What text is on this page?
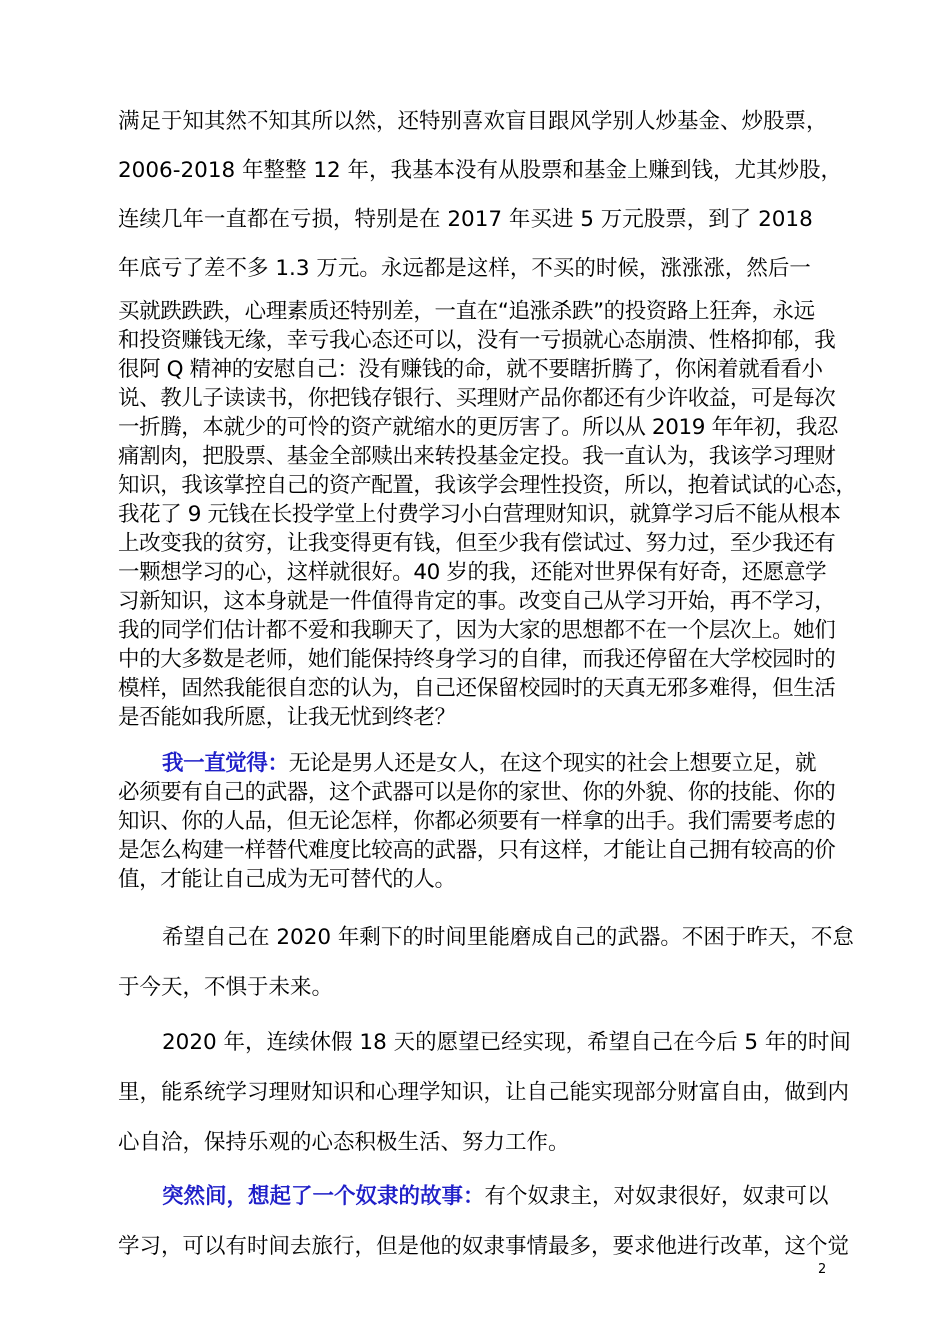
满足于知其然不知其所以然，还特别喜欢盲目跟风学别人炒基金、炒股票，
2006-2018 年整整 12 年，我基本没有从股票和基金上赚到钱，尤其炒股，
连续几年一直都在亏损，特别是在 2017 年买进 5 万元股票，到了 2018
年底亏了差不多 1.3 万元。永远都是这样，不买的时候，涨涨涨，然后一
买就跌跌跌，心理素质还特别差，一直在“追涨杀跌”的投资路上狂奔，永远
和投资赚钱无缘，幸亏我心态还可以，没有一亏损就心态崩溃、性格抑郁，我
很阿 Q 精神的安慰自己：没有赚钱的命，就不要瞎折腾了，你闲着就看看小
说、教儿子读读书，你把钱存银行、买理财产品你都还有少许收益，可是每次
一折腾，本就少的可怜的资产就缩水的更厉害了。所以从 2019 年年初，我忍
痛割肉，把股票、基金全部赎出来转投基金定投。我一直认为，我该学习理财
知识，我该掌控自己的资产配置，我该学会理性投资，所以，抱着试试的心态，
我花了 9 元钱在长投学堂上付费学习小白营理财知识，就算学习后不能从根本
上改变我的贫穷，让我变得更有钱，但至少我有偿试过、努力过，至少我还有
一颗想学习的心，这样就很好。40 岁的我，还能对世界保有好奇，还愿意学
习新知识，这本身就是一件值得肯定的事。改变自己从学习开始，再不学习，
我的同学们估计都不爱和我聊天了，因为大家的思想都不在一个层次上。她们
中的大多数是老师，她们能保持终身学习的自律，而我还停留在大学校园时的
模样，固然我能很自恋的认为，自己还保留校园时的天真无邪多难得，但生活
是否能如我所愿，让我无忧到终老？
我一直觉得：无论是男人还是女人，在这个现实的社会上想要立足，就
必须要有自己的武器，这个武器可以是你的家世、你的外貌、你的技能、你的
知识、你的人品，但无论怎样，你都必须要有一样拿的出手。我们需要考虑的
是怎么构建一样替代难度比较高的武器，只有这样，才能让自己拥有较高的价
值，才能让自己成为无可替代的人。
希望自己在 2020 年剩下的时间里能磨成自己的武器。不困于昨天，不怠
于今天，不惧于未来。
2020 年，连续休假 18 天的愿望已经实现，希望自己在今后 5 年的时间
里，能系统学习理财知识和心理学知识，让自己能实现部分财富自由，做到内
心自洽，保持乐观的心态积极生活、努力工作。
突然间，想起了一个奴隶的故事：有个奴隶主，对奴隶很好，奴隶可以
学习，可以有时间去旅行，但是他的奴隶事情最多，要求他进行改革，这个觉
2
